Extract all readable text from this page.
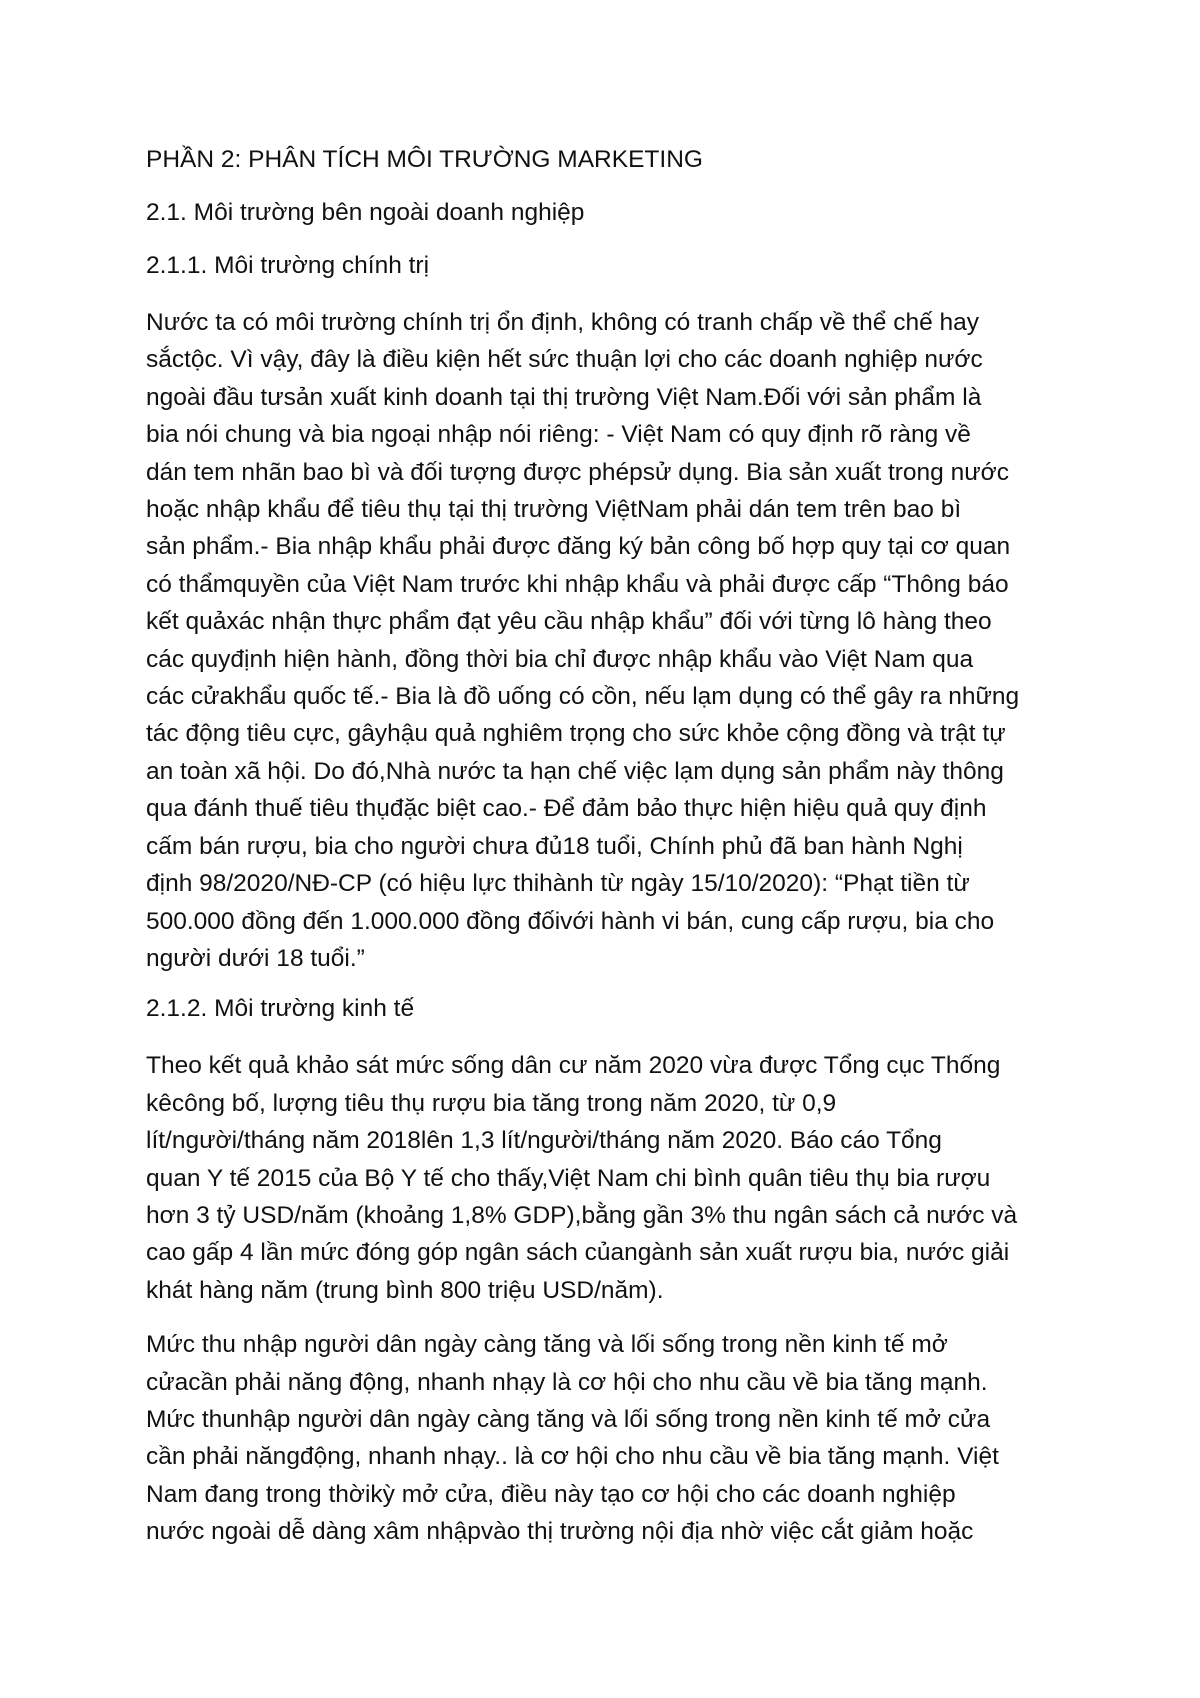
PHẦN 2: PHÂN TÍCH MÔI TRƯỜNG MARKETING
2.1. Môi trường bên ngoài doanh nghiệp
2.1.1. Môi trường chính trị
Nước ta có môi trường chính trị ổn định, không có tranh chấp về thể chế hay
sắctộc. Vì vậy, đây là điều kiện hết sức thuận lợi cho các doanh nghiệp nước
ngoài đầu tưsản xuất kinh doanh tại thị trường Việt Nam.Đối với sản phẩm là
bia nói chung và bia ngoại nhập nói riêng: - Việt Nam có quy định rõ ràng về
dán tem nhãn bao bì và đối tượng được phépsử dụng. Bia sản xuất trong nước
hoặc nhập khẩu để tiêu thụ tại thị trường ViệtNam phải dán tem trên bao bì
sản phẩm.- Bia nhập khẩu phải được đăng ký bản công bố hợp quy tại cơ quan
có thẩmquyền của Việt Nam trước khi nhập khẩu và phải được cấp “Thông báo
kết quảxác nhận thực phẩm đạt yêu cầu nhập khẩu” đối với từng lô hàng theo
các quyđịnh hiện hành, đồng thời bia chỉ được nhập khẩu vào Việt Nam qua
các cửakhẩu quốc tế.- Bia là đồ uống có cồn, nếu lạm dụng có thể gây ra những
tác động tiêu cực, gâyhậu quả nghiêm trọng cho sức khỏe cộng đồng và trật tự
an toàn xã hội. Do đó,Nhà nước ta hạn chế việc lạm dụng sản phẩm này thông
qua đánh thuế tiêu thụđặc biệt cao.- Để đảm bảo thực hiện hiệu quả quy định
cấm bán rượu, bia cho người chưa đủ18 tuổi, Chính phủ đã ban hành Nghị
định 98/2020/NĐ-CP (có hiệu lực thihành từ ngày 15/10/2020): “Phạt tiền từ
500.000 đồng đến 1.000.000 đồng đốivới hành vi bán, cung cấp rượu, bia cho
người dưới 18 tuổi.”
2.1.2. Môi trường kinh tế
Theo kết quả khảo sát mức sống dân cư năm 2020 vừa được Tổng cục Thống
kêcông bố, lượng tiêu thụ rượu bia tăng trong năm 2020, từ 0,9
lít/người/tháng năm 2018lên 1,3 lít/người/tháng năm 2020. Báo cáo Tổng
quan Y tế 2015 của Bộ Y tế cho thấy,Việt Nam chi bình quân tiêu thụ bia rượu
hơn 3 tỷ USD/năm (khoảng 1,8% GDP),bằng gần 3% thu ngân sách cả nước và
cao gấp 4 lần mức đóng góp ngân sách củangành sản xuất rượu bia, nước giải
khát hàng năm (trung bình 800 triệu USD/năm).
Mức thu nhập người dân ngày càng tăng và lối sống trong nền kinh tế mở
cửacần phải năng động, nhanh nhạy là cơ hội cho nhu cầu về bia tăng mạnh.
Mức thunhập người dân ngày càng tăng và lối sống trong nền kinh tế mở cửa
cần phải năngđộng, nhanh nhạy.. là cơ hội cho nhu cầu về bia tăng mạnh. Việt
Nam đang trong thờikỳ mở cửa, điều này tạo cơ hội cho các doanh nghiệp
nước ngoài dễ dàng xâm nhậpvào thị trường nội địa nhờ việc cắt giảm hoặc
